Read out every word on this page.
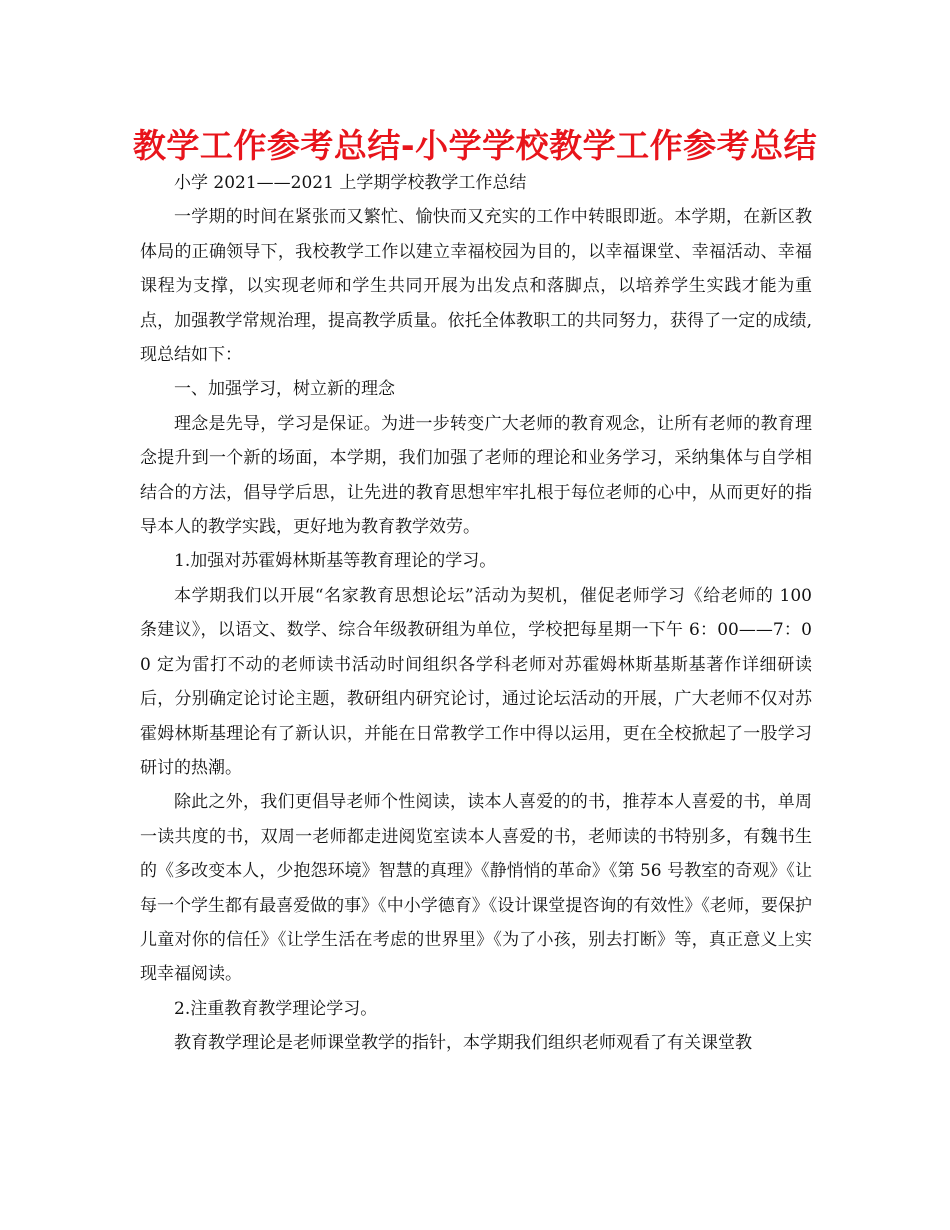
教学工作参考总结-小学学校教学工作参考总结

小学 2021——2021 上学期学校教学工作总结

一学期的时间在紧张而又繁忙、愉快而又充实的工作中转眼即逝。本学期，在新区教体局的正确领导下，我校教学工作以建立幸福校园为目的，以幸福课堂、幸福活动、幸福课程为支撑，以实现老师和学生共同开展为出发点和落脚点，以培养学生实践才能为重点，加强教学常规治理，提高教学质量。依托全体教职工的共同努力，获得了一定的成绩,现总结如下：

一、加强学习，树立新的理念

理念是先导，学习是保证。为进一步转变广大老师的教育观念，让所有老师的教育理念提升到一个新的场面，本学期，我们加强了老师的理论和业务学习，采纳集体与自学相结合的方法，倡导学后思，让先进的教育思想牢牢扎根于每位老师的心中，从而更好的指导本人的教学实践，更好地为教育教学效劳。

1.加强对苏霍姆林斯基等教育理论的学习。

本学期我们以开展“名家教育思想论坛”活动为契机，催促老师学习《给老师的 100 条建议》，以语文、数学、综合年级教研组为单位，学校把每星期一下午 6：00——7：00 定为雷打不动的老师读书活动时间组织各学科老师对苏霍姆林斯基斯基著作详细研读后，分别确定论讨论主题，教研组内研究论讨，通过论坛活动的开展，广大老师不仅对苏霍姆林斯基理论有了新认识，并能在日常教学工作中得以运用，更在全校掀起了一股学习研讨的热潮。

除此之外，我们更倡导老师个性阅读，读本人喜爱的的书，推荐本人喜爱的书，单周一读共度的书，双周一老师都走进阅览室读本人喜爱的书，老师读的书特别多，有魏书生的《多改变本人，少抱怨环境》智慧的真理》《静悄悄的革命》《第 56 号教室的奇观》《让每一个学生都有最喜爱做的事》《中小学德育》《设计课堂提咨询的有效性》《老师，要保护儿童对你的信任》《让学生活在考虑的世界里》《为了小孩，别去打断》等，真正意义上实现幸福阅读。

2.注重教育教学理论学习。

教育教学理论是老师课堂教学的指针，本学期我们组织老师观看了有关课堂教
